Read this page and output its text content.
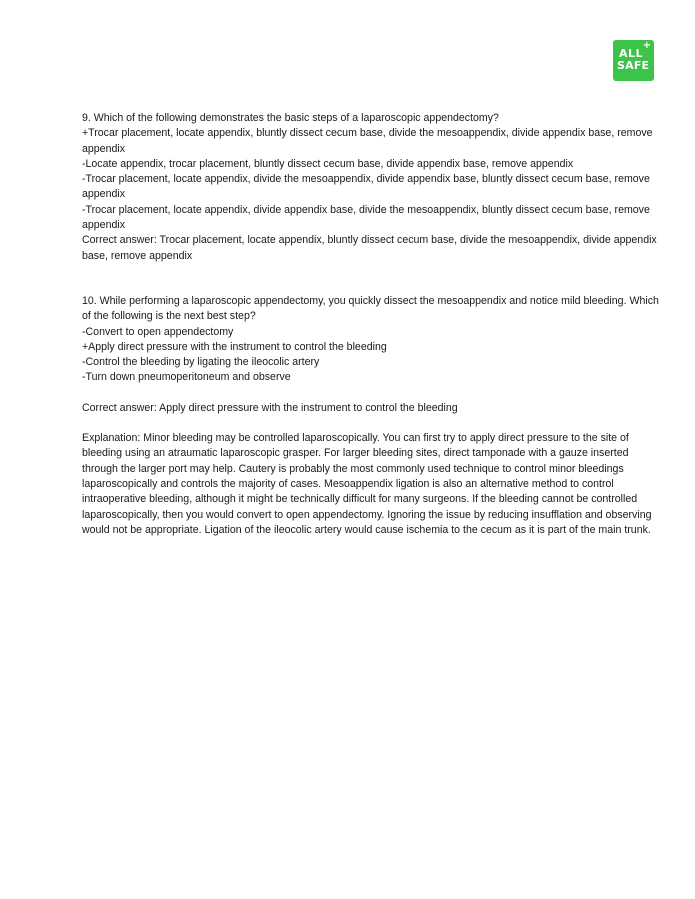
+
ALL
SAFE

9. Which of the following demonstrates the basic steps of a laparoscopic appendectomy?

+Trocar placement, locate appendix, bluntly dissect cecum base, divide the mesoappendix, divide appendix base, remove appendix

-Locate appendix, trocar placement, bluntly dissect cecum base, divide appendix base, remove appendix

-Trocar placement, locate appendix, divide the mesoappendix, divide appendix base, bluntly dissect cecum base, remove appendix

-Trocar placement, locate appendix, divide appendix base, divide the mesoappendix, bluntly dissect cecum base, remove appendix

Correct answer: Trocar placement, locate appendix, bluntly dissect cecum base, divide the mesoappendix, divide appendix base, remove appendix

10. While performing a laparoscopic appendectomy, you quickly dissect the mesoappendix and notice mild bleeding. Which of the following is the next best step?

-Convert to open appendectomy

+Apply direct pressure with the instrument to control the bleeding

-Control the bleeding by ligating the ileocolic artery

-Turn down pneumoperitoneum and observe

Correct answer: Apply direct pressure with the instrument to control the bleeding

Explanation: Minor bleeding may be controlled laparoscopically. You can first try to apply direct pressure to the site of bleeding using an atraumatic laparoscopic grasper. For larger bleeding sites, direct tamponade with a gauze inserted through the larger port may help. Cautery is probably the most commonly used technique to control minor bleedings laparoscopically and controls the majority of cases. Mesoappendix ligation is also an alternative method to control intraoperative bleeding, although it might be technically difficult for many surgeons. If the bleeding cannot be controlled laparoscopically, then you would convert to open appendectomy. Ignoring the issue by reducing insufflation and observing would not be appropriate. Ligation of the ileocolic artery would cause ischemia to the cecum as it is part of the main trunk.
